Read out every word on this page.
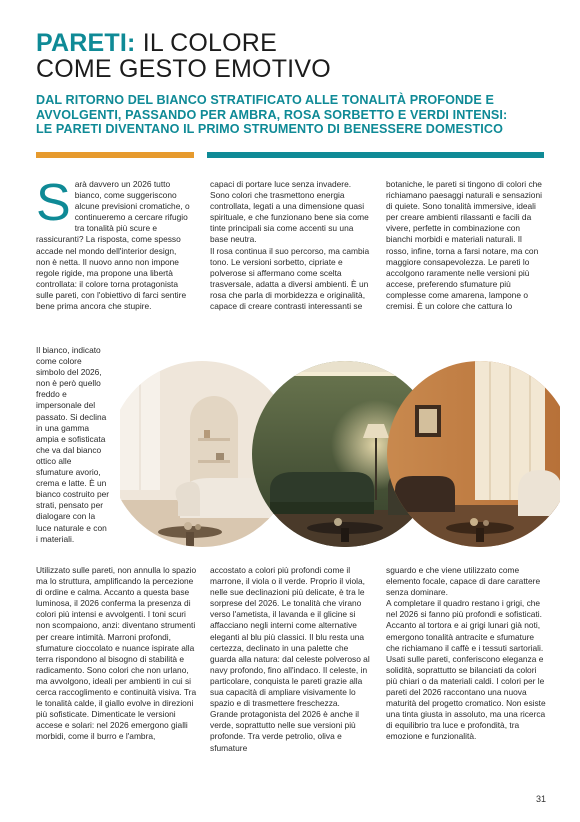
PARETI: IL COLORE
COME GESTO EMOTIVO

DAL RITORNO DEL BIANCO STRATIFICATO ALLE TONALITÀ PROFONDE E
AVVOLGENTI, PASSANDO PER AMBRA, ROSA SORBETTO E VERDI INTENSI:
LE PARETI DIVENTANO IL PRIMO STRUMENTO DI BENESSERE DOMESTICO

S arà davvero un 2026 tutto bianco, come suggeriscono alcune previsioni cromatiche, o continueremo a cercare rifugio tra tonalità più scure e rassicuranti? La risposta, come spesso accade nel mondo dell'interior design, non è netta. Il nuovo anno non impone regole rigide, ma propone una libertà controllata: il colore torna protagonista sulle pareti, con l'obiettivo di farci sentire bene prima ancora che stupire.

Il bianco, indicato come colore simbolo del 2026, non è però quello freddo e impersonale del passato. Si declina in una gamma ampia e sofisticata che va dal bianco ottico alle sfumature avorio, crema e latte. È un bianco costruito per strati, pensato per dialogare con la luce naturale e con i materiali.

Utilizzato sulle pareti, non annulla lo spazio ma lo struttura, amplificando la percezione di ordine e calma. Accanto a questa base luminosa, il 2026 conferma la presenza di colori più intensi e avvolgenti. I toni scuri non scompaiono, anzi: diventano strumenti per creare intimità. Marroni profondi, sfumature cioccolato e nuance ispirate alla terra rispondono al bisogno di stabilità e radicamento. Sono colori che non urlano, ma avvolgono, ideali per ambienti in cui si cerca raccoglimento e continuità visiva. Tra le tonalità calde, il giallo evolve in direzioni più sofisticate. Dimenticate le versioni accese e solari: nel 2026 emergono gialli morbidi, come il burro e l'ambra,

capaci di portare luce senza invadere. Sono colori che trasmettono energia controllata, legati a una dimensione quasi spirituale, e che funzionano bene sia come tinte principali sia come accenti su una base neutra.

Il rosa continua il suo percorso, ma cambia tono. Le versioni sorbetto, cipriate e polverose si affermano come scelta trasversale, adatta a diversi ambienti. È un rosa che parla di morbidezza e originalità, capace di creare contrasti interessanti se

botaniche, le pareti si tingono di colori che richiamano paesaggi naturali e sensazioni di quiete. Sono tonalità immersive, ideali per creare ambienti rilassanti e facili da vivere, perfette in combinazione con bianchi morbidi e materiali naturali. Il rosso, infine, torna a farsi notare, ma con maggiore consapevolezza. Le pareti lo accolgono raramente nelle versioni più accese, preferendo sfumature più complesse come amarena, lampone o cremisi. È un colore che cattura lo

accostato a colori più profondi come il marrone, il viola o il verde. Proprio il viola, nelle sue declinazioni più delicate, è tra le sorprese del 2026. Le tonalità che virano verso l'ametista, il lavanda e il glicine si affacciano negli interni come alternative eleganti al blu più classici. Il blu resta una certezza, declinato in una palette che guarda alla natura: dal celeste polveroso al navy profondo, fino all'indaco. Il celeste, in particolare, conquista le pareti grazie alla sua capacità di ampliare visivamente lo spazio e di trasmettere freschezza. Grande protagonista del 2026 è anche il verde, soprattutto nelle sue versioni più profonde. Tra verde petrolio, oliva e sfumature

sguardo e che viene utilizzato come elemento focale, capace di dare carattere senza dominare.

A completare il quadro restano i grigi, che nel 2026 si fanno più profondi e sofisticati. Accanto al tortora e ai grigi lunari già noti, emergono tonalità antracite e sfumature che richiamano il caffè e i tessuti sartoriali. Usati sulle pareti, conferiscono eleganza e solidità, soprattutto se bilanciati da colori più chiari o da materiali caldi. I colori per le pareti del 2026 raccontano una nuova maturità del progetto cromatico. Non esiste una tinta giusta in assoluto, ma una ricerca di equilibrio tra luce e profondità, tra emozione e funzionalità.

31
